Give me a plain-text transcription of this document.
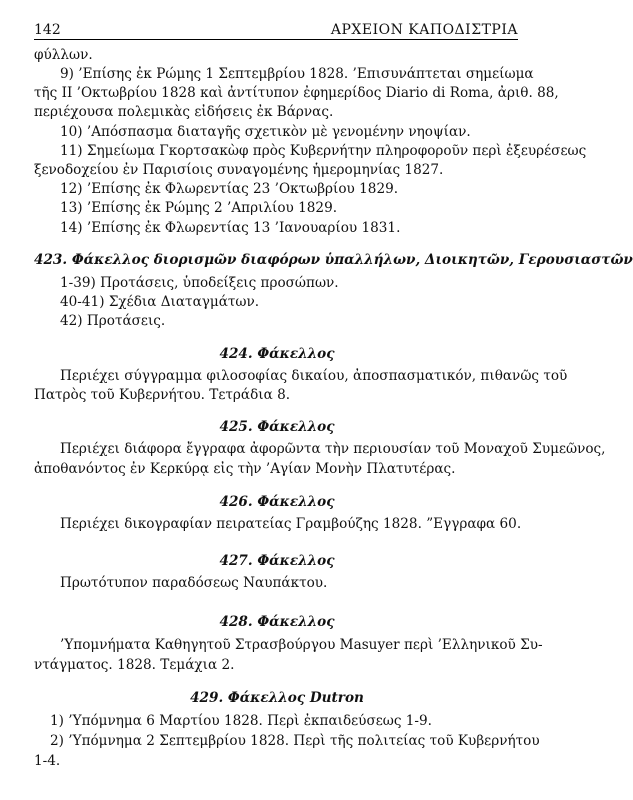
142	ΑΡΧΕΙΟΝ ΚΑΠΟΔΙΣΤΡΙΑ
φύλλων.
9) ’Επίσης ἐκ Ρώμης 1 Σεπτεμβρίου 1828. ’Επισυνάπτεται σημείωμα
τῆς ΙΙ ’Οκτωβρίου 1828 καὶ ἀντίτυπον ἐφημερίδος Diario di Roma, ἀριθ. 88,
περιέχουσα πολεμικὰς εἰδήσεις ἐκ Βάρνας.
10) ’Απόσπασμα διαταγῆς σχετικὸν μὲ γενομένην νηοψίαν.
11) Σημείωμα Γκορτσακὼφ πρὸς Κυβερνήτην πληροφοροῦν περὶ ἐξευρέσεως
ξενοδοχείου ἐν Παρισίοις συναγομένης ἡμερομηνίας 1827.
12) ’Επίσης ἐκ Φλωρεντίας 23 ’Οκτωβρίου 1829.
13) ’Επίσης ἐκ Ρώμης 2 ’Απριλίου 1829.
14) ’Επίσης ἐκ Φλωρεντίας 13 ’Ιανουαρίου 1831.
423. Φάκελλος διορισμῶν διαφόρων ὑπαλλήλων, Διοικητῶν, Γερουσιαστῶν
1-39) Προτάσεις, ὑποδείξεις προσώπων.
40-41) Σχέδια Διαταγμάτων.
42) Προτάσεις.
424. Φάκελλος
Περιέχει σύγγραμμα φιλοσοφίας δικαίου, ἀποσπασματικόν, πιθανῶς τοῦ
Πατρὸς τοῦ Κυβερνήτου. Τετράδια 8.
425. Φάκελλος
Περιέχει διάφορα ἔγγραφα ἀφορῶντα τὴν περιουσίαν τοῦ Μοναχοῦ Συμεῶνος,
ἀποθανόντος ἐν Κερκύρᾳ εἰς τὴν ’Αγίαν Μονὴν Πλατυτέρας.
426. Φάκελλος
Περιέχει δικογραφίαν πειρατείας Γραμβούζης 1828. ”Εγγραφα 60.
427. Φάκελλος
Πρωτότυπον παραδόσεως Ναυπάκτου.
428. Φάκελλος
’Υπομνήματα Καθηγητοῦ Στρασβούργου Masuyer περὶ ’Ελληνικοῦ Συ-
ντάγματος. 1828. Τεμάχια 2.
429. Φάκελλος Dutron
1) ’Υπόμνημα 6 Μαρτίου 1828. Περὶ ἐκπαιδεύσεως 1-9.
2) ’Υπόμνημα 2 Σεπτεμβρίου 1828. Περὶ τῆς πολιτείας τοῦ Κυβερνήτου
1-4.
